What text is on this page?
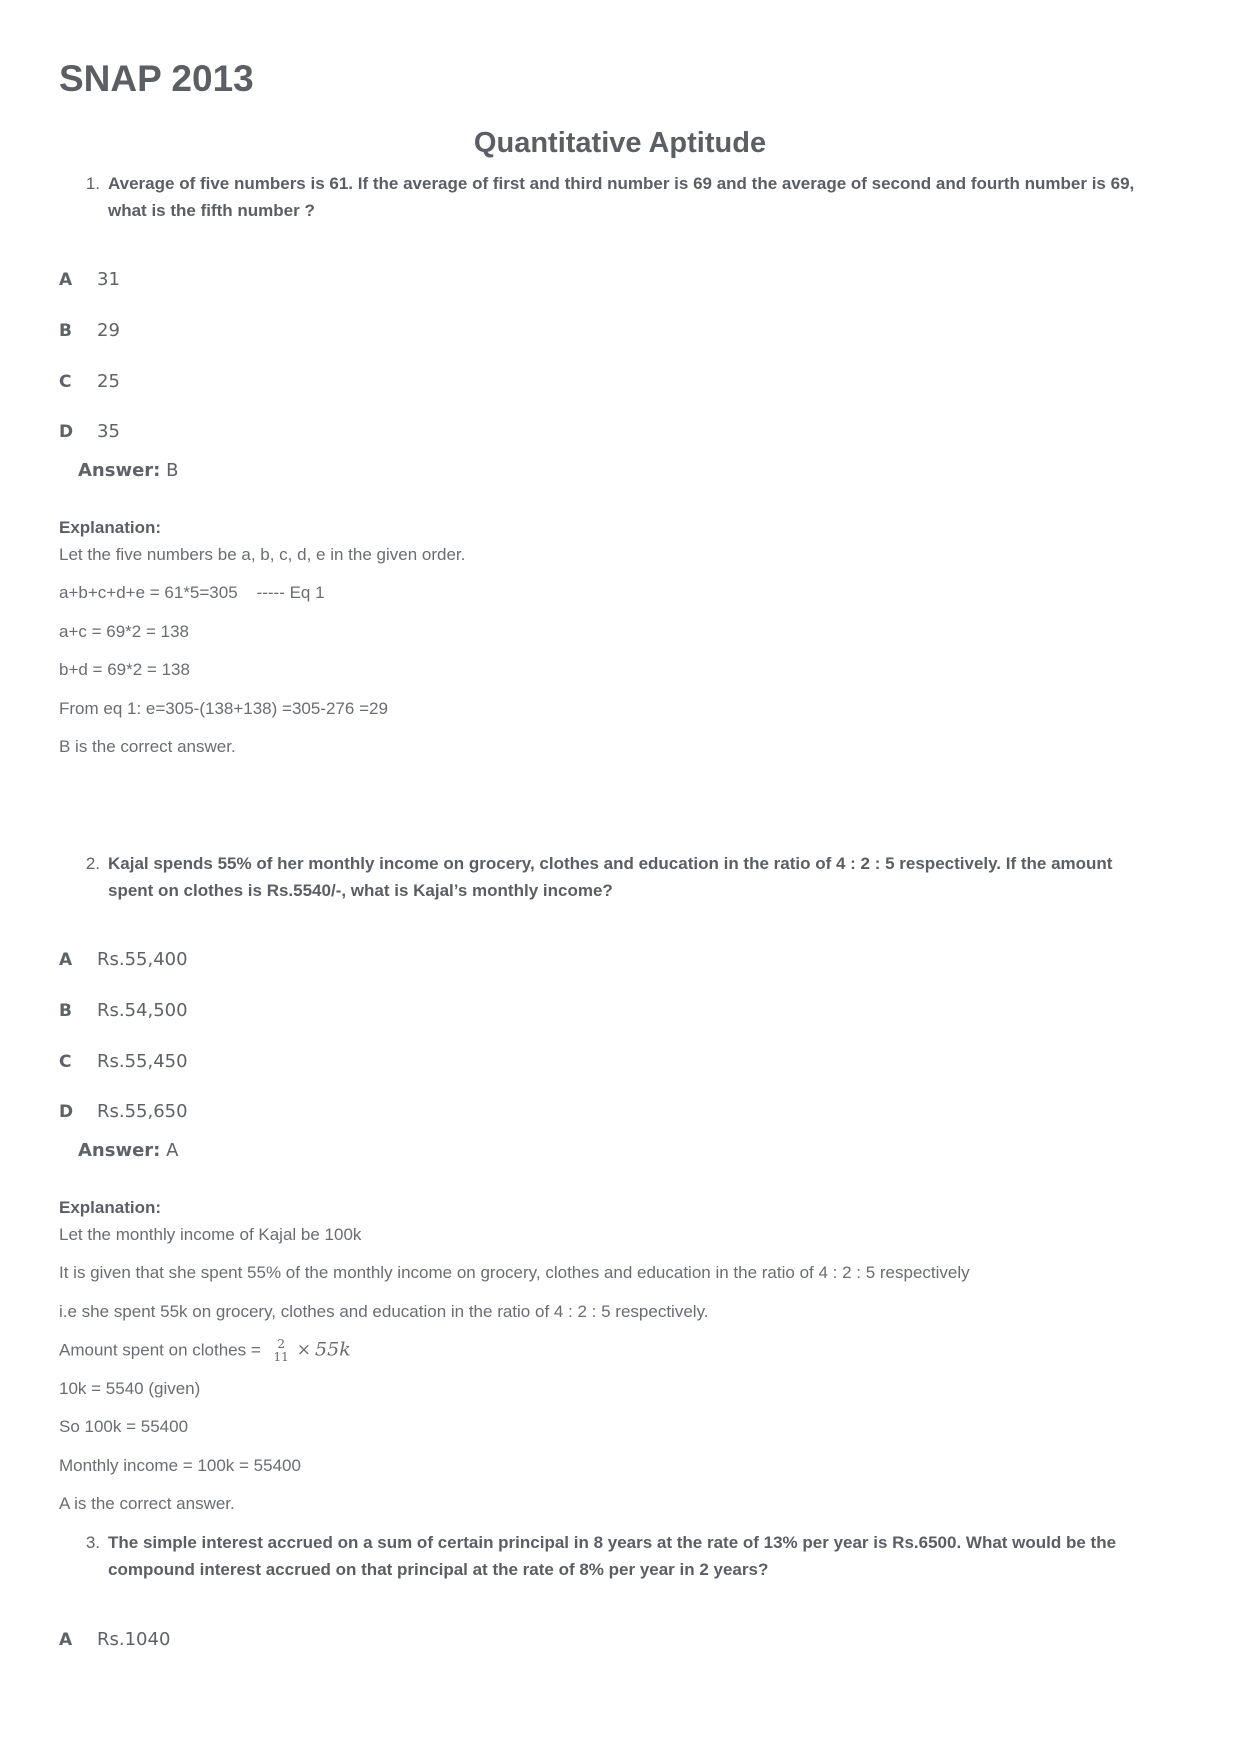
SNAP 2013
Quantitative Aptitude
1. Average of five numbers is 61. If the average of first and third number is 69 and the average of second and fourth number is 69,
what is the fifth number ?
A 31
B 29
C 25
D 35
Answer: B
Explanation:
Let the five numbers be a, b, c, d, e in the given order.
a+b+c+d+e = 61*5=305    ----- Eq 1
a+c = 69*2 = 138
b+d = 69*2 = 138
From eq 1: e=305-(138+138) =305-276 =29
B is the correct answer.
2. Kajal spends 55% of her monthly income on grocery, clothes and education in the ratio of 4 : 2 : 5 respectively. If the amount
spent on clothes is Rs.5540/-, what is Kajal’s monthly income?
A Rs.55,400
B Rs.54,500
C Rs.55,450
D Rs.55,650
Answer: A
Explanation:
Let the monthly income of Kajal be 100k
It is given that she spent 55% of the monthly income on grocery, clothes and education in the ratio of 4 : 2 : 5 respectively
i.e she spent 55k on grocery, clothes and education in the ratio of 4 : 2 : 5 respectively.
Amount spent on clothes =	2
11 × 55k
10k = 5540 (given)
So 100k = 55400
Monthly income = 100k = 55400
A is the correct answer.
3. The simple interest accrued on a sum of certain principal in 8 years at the rate of 13% per year is Rs.6500. What would be the
compound interest accrued on that principal at the rate of 8% per year in 2 years?
A Rs.1040
